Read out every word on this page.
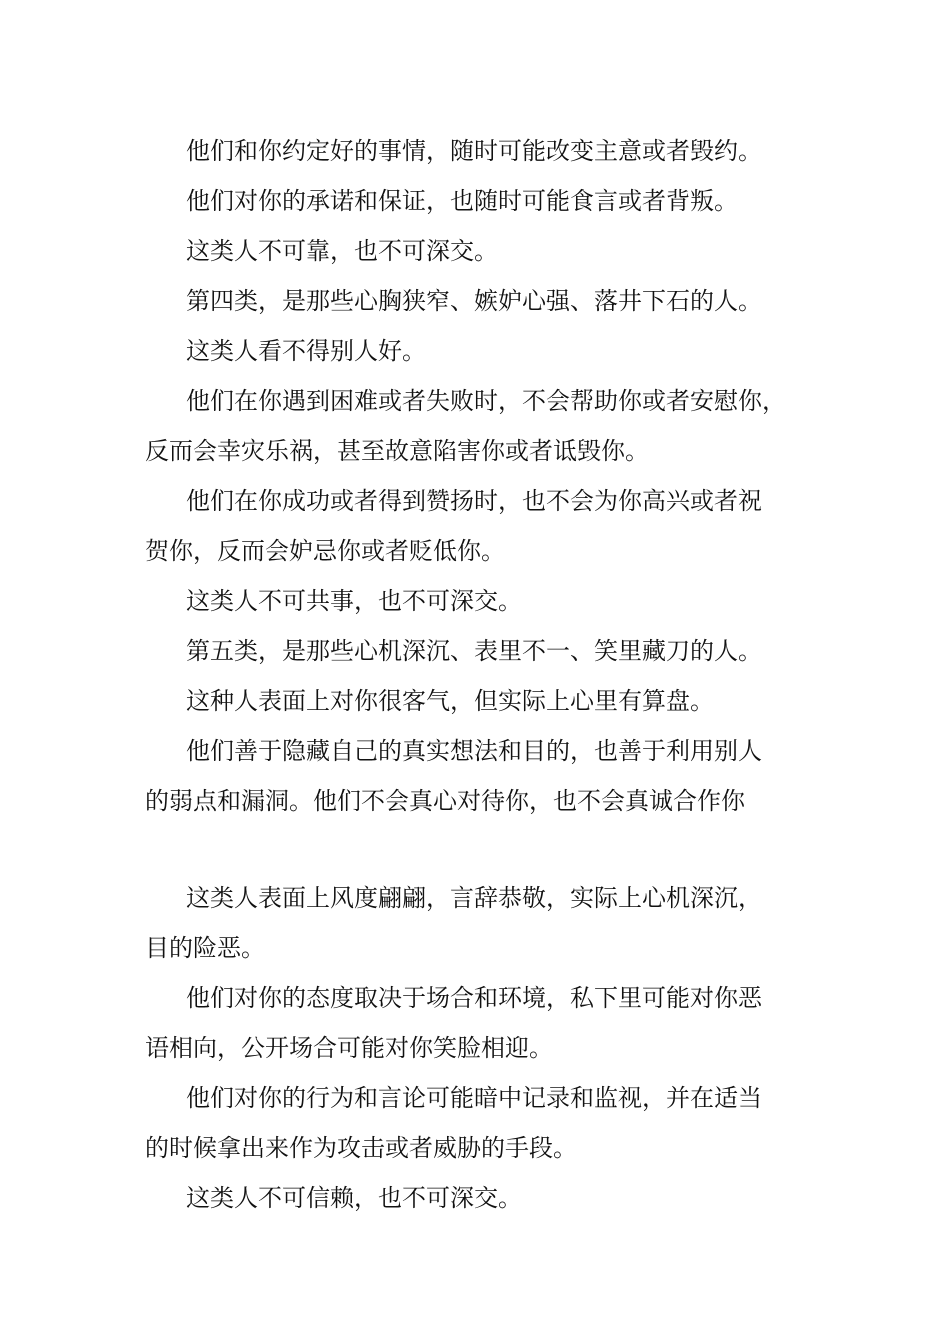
他们和你约定好的事情，随时可能改变主意或者毁约。
他们对你的承诺和保证，也随时可能食言或者背叛。
这类人不可靠，也不可深交。
第四类，是那些心胸狭窄、嫉妒心强、落井下石的人。
这类人看不得别人好。
他们在你遇到困难或者失败时，不会帮助你或者安慰你，
反而会幸灾乐祸，甚至故意陷害你或者诋毁你。
他们在你成功或者得到赞扬时，也不会为你高兴或者祝
贺你，反而会妒忌你或者贬低你。
这类人不可共事，也不可深交。
第五类，是那些心机深沉、表里不一、笑里藏刀的人。
这种人表面上对你很客气，但实际上心里有算盘。
他们善于隐藏自己的真实想法和目的，也善于利用别人
的弱点和漏洞。他们不会真心对待你，也不会真诚合作你
这类人表面上风度翩翩，言辞恭敬，实际上心机深沉，
目的险恶。
他们对你的态度取决于场合和环境，私下里可能对你恶
语相向，公开场合可能对你笑脸相迎。
他们对你的行为和言论可能暗中记录和监视，并在适当
的时候拿出来作为攻击或者威胁的手段。
这类人不可信赖，也不可深交。
